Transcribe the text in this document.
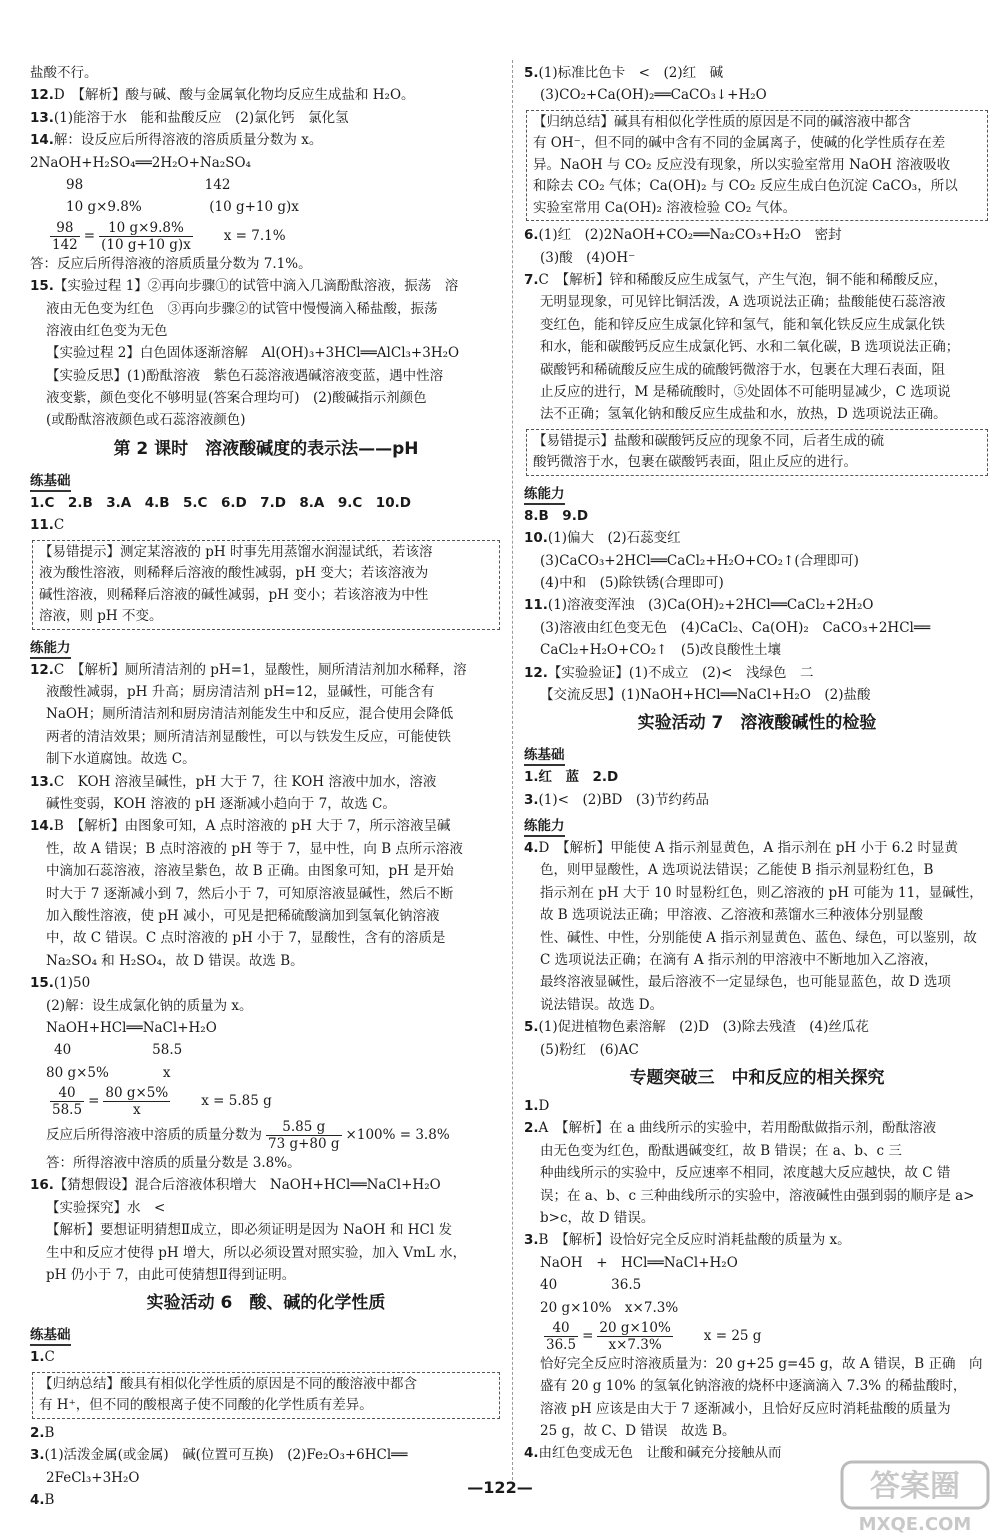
盐酸不行。
12.D　【解析】酸与碱、酸与金属氧化物均反应生成盐和 H₂O。
13.(1)能溶于水　能和盐酸反应　(2)氯化钙　氯化氢
14.解：设反应后所得溶液的溶质质量分数为 x。
2NaOH+H₂SO₄══2H₂O+Na₂SO₄
98　　　　　　　　　142
10 g×9.8%　　　　　(10 g+10 g)x
$\frac{98}{142} = \frac{10 g\times 9.8\%}{(10 g+10 g)x}$ 　　x = 7.1%
答：反应后所得溶液的溶质质量分数为 7.1%。
15.【实验过程 1】②再向步骤①的试管中滴入几滴酚酞溶液，振荡　溶
液由无色变为红色　③再向步骤②的试管中慢慢滴入稀盐酸，振荡
溶液由红色变为无色
【实验过程 2】白色固体逐渐溶解　Al(OH)₃+3HCl══AlCl₃+3H₂O
【实验反思】(1)酚酞溶液　紫色石蕊溶液遇碱溶液变蓝，遇中性溶
液变紫，颜色变化不够明显(答案合理均可)　(2)酸碱指示剂颜色
(或酚酞溶液颜色或石蕊溶液颜色)
第 2 课时　溶液酸碱度的表示法——pH
练基础
1.C　2.B　3.A　4.B　5.C　6.D　7.D　8.A　9.C　10.D
11.C
【易错提示】测定某溶液的 pH 时事先用蒸馏水润湿试纸，若该溶
液为酸性溶液，则稀释后溶液的酸性减弱，pH 变大；若该溶液为
碱性溶液，则稀释后溶液的碱性减弱，pH 变小；若该溶液为中性
溶液，则 pH 不变。
练能力
12.C　【解析】厕所清洁剂的 pH=1，显酸性，厕所清洁剂加水稀释，溶
液酸性减弱，pH 升高；厨房清洁剂 pH=12，显碱性，可能含有
NaOH；厕所清洁剂和厨房清洁剂能发生中和反应，混合使用会降低
两者的清洁效果；厕所清洁剂显酸性，可以与铁发生反应，可能使铁
制下水道腐蚀。故选 C。
13.C　KOH 溶液呈碱性，pH 大于 7，往 KOH 溶液中加水，溶液
碱性变弱，KOH 溶液的 pH 逐渐减小趋向于 7，故选 C。
14.B　【解析】由图象可知，A 点时溶液的 pH 大于 7，所示溶液呈碱
性，故 A 错误；B 点时溶液的 pH 等于 7，显中性，向 B 点所示溶液
中滴加石蕊溶液，溶液呈紫色，故 B 正确。由图象可知，pH 是开始
时大于 7 逐渐减小到 7，然后小于 7，可知原溶液显碱性，然后不断
加入酸性溶液，使 pH 减小，可见是把稀硫酸滴加到氢氧化钠溶液
中，故 C 错误。C 点时溶液的 pH 小于 7，显酸性，含有的溶质是
Na₂SO₄ 和 H₂SO₄，故 D 错误。故选 B。
15.(1)50
(2)解：设生成氯化钠的质量为 x。
NaOH+HCl══NaCl+H₂O
40　　　　　　58.5
80 g×5%　　　　x
$\frac{40}{58.5} = \frac{80 g\times 5\%}{x}$ 　　x = 5.85 g
反应后所得溶液中溶质的质量分数为 $\frac{5.85 g}{73 g+80 g} \times 100\% = 3.8\%$
答：所得溶液中溶质的质量分数是 3.8%。
16.【猜想假设】混合后溶液体积增大　NaOH+HCl══NaCl+H₂O
【实验探究】水　<
【解析】要想证明猜想Ⅱ成立，即必须证明是因为 NaOH 和 HCl 发
生中和反应才使得 pH 增大，所以必须设置对照实验，加入 VmL 水，
pH 仍小于 7，由此可使猜想Ⅱ得到证明。
实验活动 6　酸、碱的化学性质
练基础
1.C
【归纳总结】酸具有相似化学性质的原因是不同的酸溶液中都含
有 H⁺，但不同的酸根离子使不同酸的化学性质有差异。
2.B
3.(1)活泼金属(或金属)　碱(位置可互换)　(2)Fe₂O₃+6HCl══
2FeCl₃+3H₂O
4.B
5.(1)标准比色卡　<　(2)红　碱
(3)CO₂+Ca(OH)₂══CaCO₃↓+H₂O
【归纳总结】碱具有相似化学性质的原因是不同的碱溶液中都含
有 OH⁻，但不同的碱中含有不同的金属离子，使碱的化学性质存在差
异。NaOH 与 CO₂ 反应没有现象，所以实验室常用 NaOH 溶液吸收
和除去 CO₂ 气体；Ca(OH)₂ 与 CO₂ 反应生成白色沉淀 CaCO₃，所以
实验室常用 Ca(OH)₂ 溶液检验 CO₂ 气体。
6.(1)红　(2)2NaOH+CO₂══Na₂CO₃+H₂O　密封
(3)酸　(4)OH⁻
7.C　【解析】锌和稀酸反应生成氢气，产生气泡，铜不能和稀酸反应，
无明显现象，可见锌比铜活泼，A 选项说法正确；盐酸能使石蕊溶液
变红色，能和锌反应生成氯化锌和氢气，能和氧化铁反应生成氯化铁
和水，能和碳酸钙反应生成氯化钙、水和二氧化碳，B 选项说法正确；
碳酸钙和稀硫酸反应生成的硫酸钙微溶于水，包裹在大理石表面，阻
止反应的进行，M 是稀硫酸时，⑤处固体不可能明显减少，C 选项说
法不正确；氢氧化钠和酸反应生成盐和水，放热，D 选项说法正确。
【易错提示】盐酸和碳酸钙反应的现象不同，后者生成的硫
酸钙微溶于水，包裹在碳酸钙表面，阻止反应的进行。
练能力
8.B　9.D
10.(1)偏大　(2)石蕊变红
(3)CaCO₃+2HCl══CaCl₂+H₂O+CO₂↑(合理即可)
(4)中和　(5)除铁锈(合理即可)
11.(1)溶液变浑浊　(3)Ca(OH)₂+2HCl══CaCl₂+2H₂O
(3)溶液由红色变无色　(4)CaCl₂、Ca(OH)₂　CaCO₃+2HCl══
CaCl₂+H₂O+CO₂↑　(5)改良酸性土壤
12.【实验验证】(1)不成立　(2)<　浅绿色　二
【交流反思】(1)NaOH+HCl══NaCl+H₂O　(2)盐酸
实验活动 7　溶液酸碱性的检验
练基础
1.红　蓝　2.D
3.(1)<　(2)BD　(3)节约药品
练能力
4.D　【解析】甲能使 A 指示剂显黄色，A 指示剂在 pH 小于 6.2 时显黄
色，则甲显酸性，A 选项说法错误；乙能使 B 指示剂显粉红色，B
指示剂在 pH 大于 10 时显粉红色，则乙溶液的 pH 可能为 11，显碱性，
故 B 选项说法正确；甲溶液、乙溶液和蒸馏水三种液体分别显酸
性、碱性、中性，分别能使 A 指示剂显黄色、蓝色、绿色，可以鉴别，故
C 选项说法正确；在滴有 A 指示剂的甲溶液中不断地加入乙溶液，
最终溶液显碱性，最后溶液不一定显绿色，也可能显蓝色，故 D 选项
说法错误。故选 D。
5.(1)促进植物色素溶解　(2)D　(3)除去残渣　(4)丝瓜花
(5)粉红　(6)AC
专题突破三　中和反应的相关探究
1.D
2.A　【解析】在 a 曲线所示的实验中，若用酚酞做指示剂，酚酞溶液
由无色变为红色，酚酞遇碱变红，故 B 错误；在 a、b、c 三
种曲线所示的实验中，反应速率不相同，浓度越大反应越快，故 C 错
误；在 a、b、c 三种曲线所示的实验中，溶液碱性由强到弱的顺序是 a>
b>c，故 D 错误。
3.B　【解析】设恰好完全反应时消耗盐酸的质量为 x。
NaOH　+　HCl══NaCl+H₂O
40　　　　36.5
20 g×10%　x×7.3%
$\frac{40}{36.5} = \frac{20 g\times 10\%}{x\times 7.3\%}$ 　　x = 25 g
恰好完全反应时溶液质量为：20 g+25 g=45 g，故 A 错误，B 正确　向
盛有 20 g 10% 的氢氧化钠溶液的烧杯中逐滴滴入 7.3% 的稀盐酸时，
溶液 pH 应该是由大于 7 逐渐减小，且恰好反应时消耗盐酸的质量为
25 g，故 C、D 错误　故选 B。
4.由红色变成无色　让酸和碱充分接触从而
—122—	答案圈
MXQE.COM
